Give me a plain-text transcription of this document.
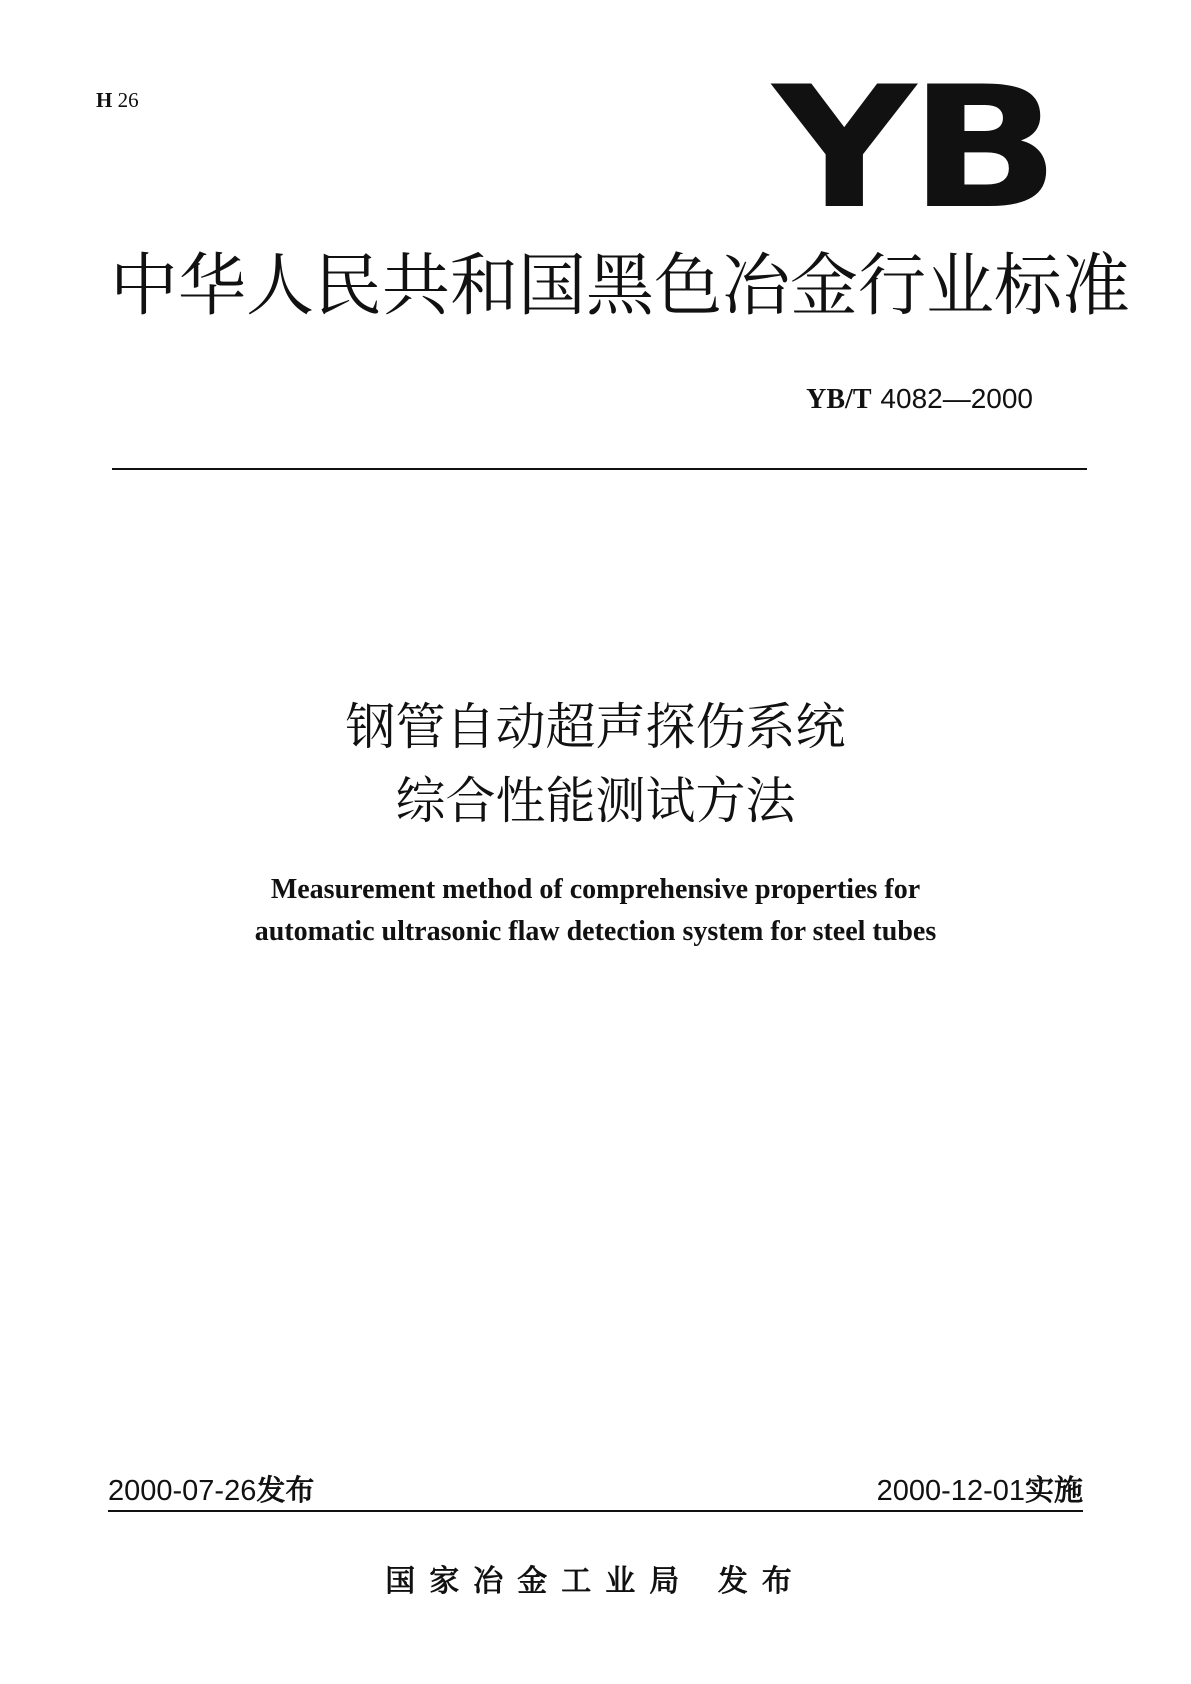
H 26	YB
中华人民共和国黑色冶金行业标准
YB/T 4082—2000
钢管自动超声探伤系统
综合性能测试方法
Measurement method of comprehensive properties for
automatic ultrasonic flaw detection system for steel tubes
2000-07-26发布	2000-12-01实施
国家冶金工业局 发布
